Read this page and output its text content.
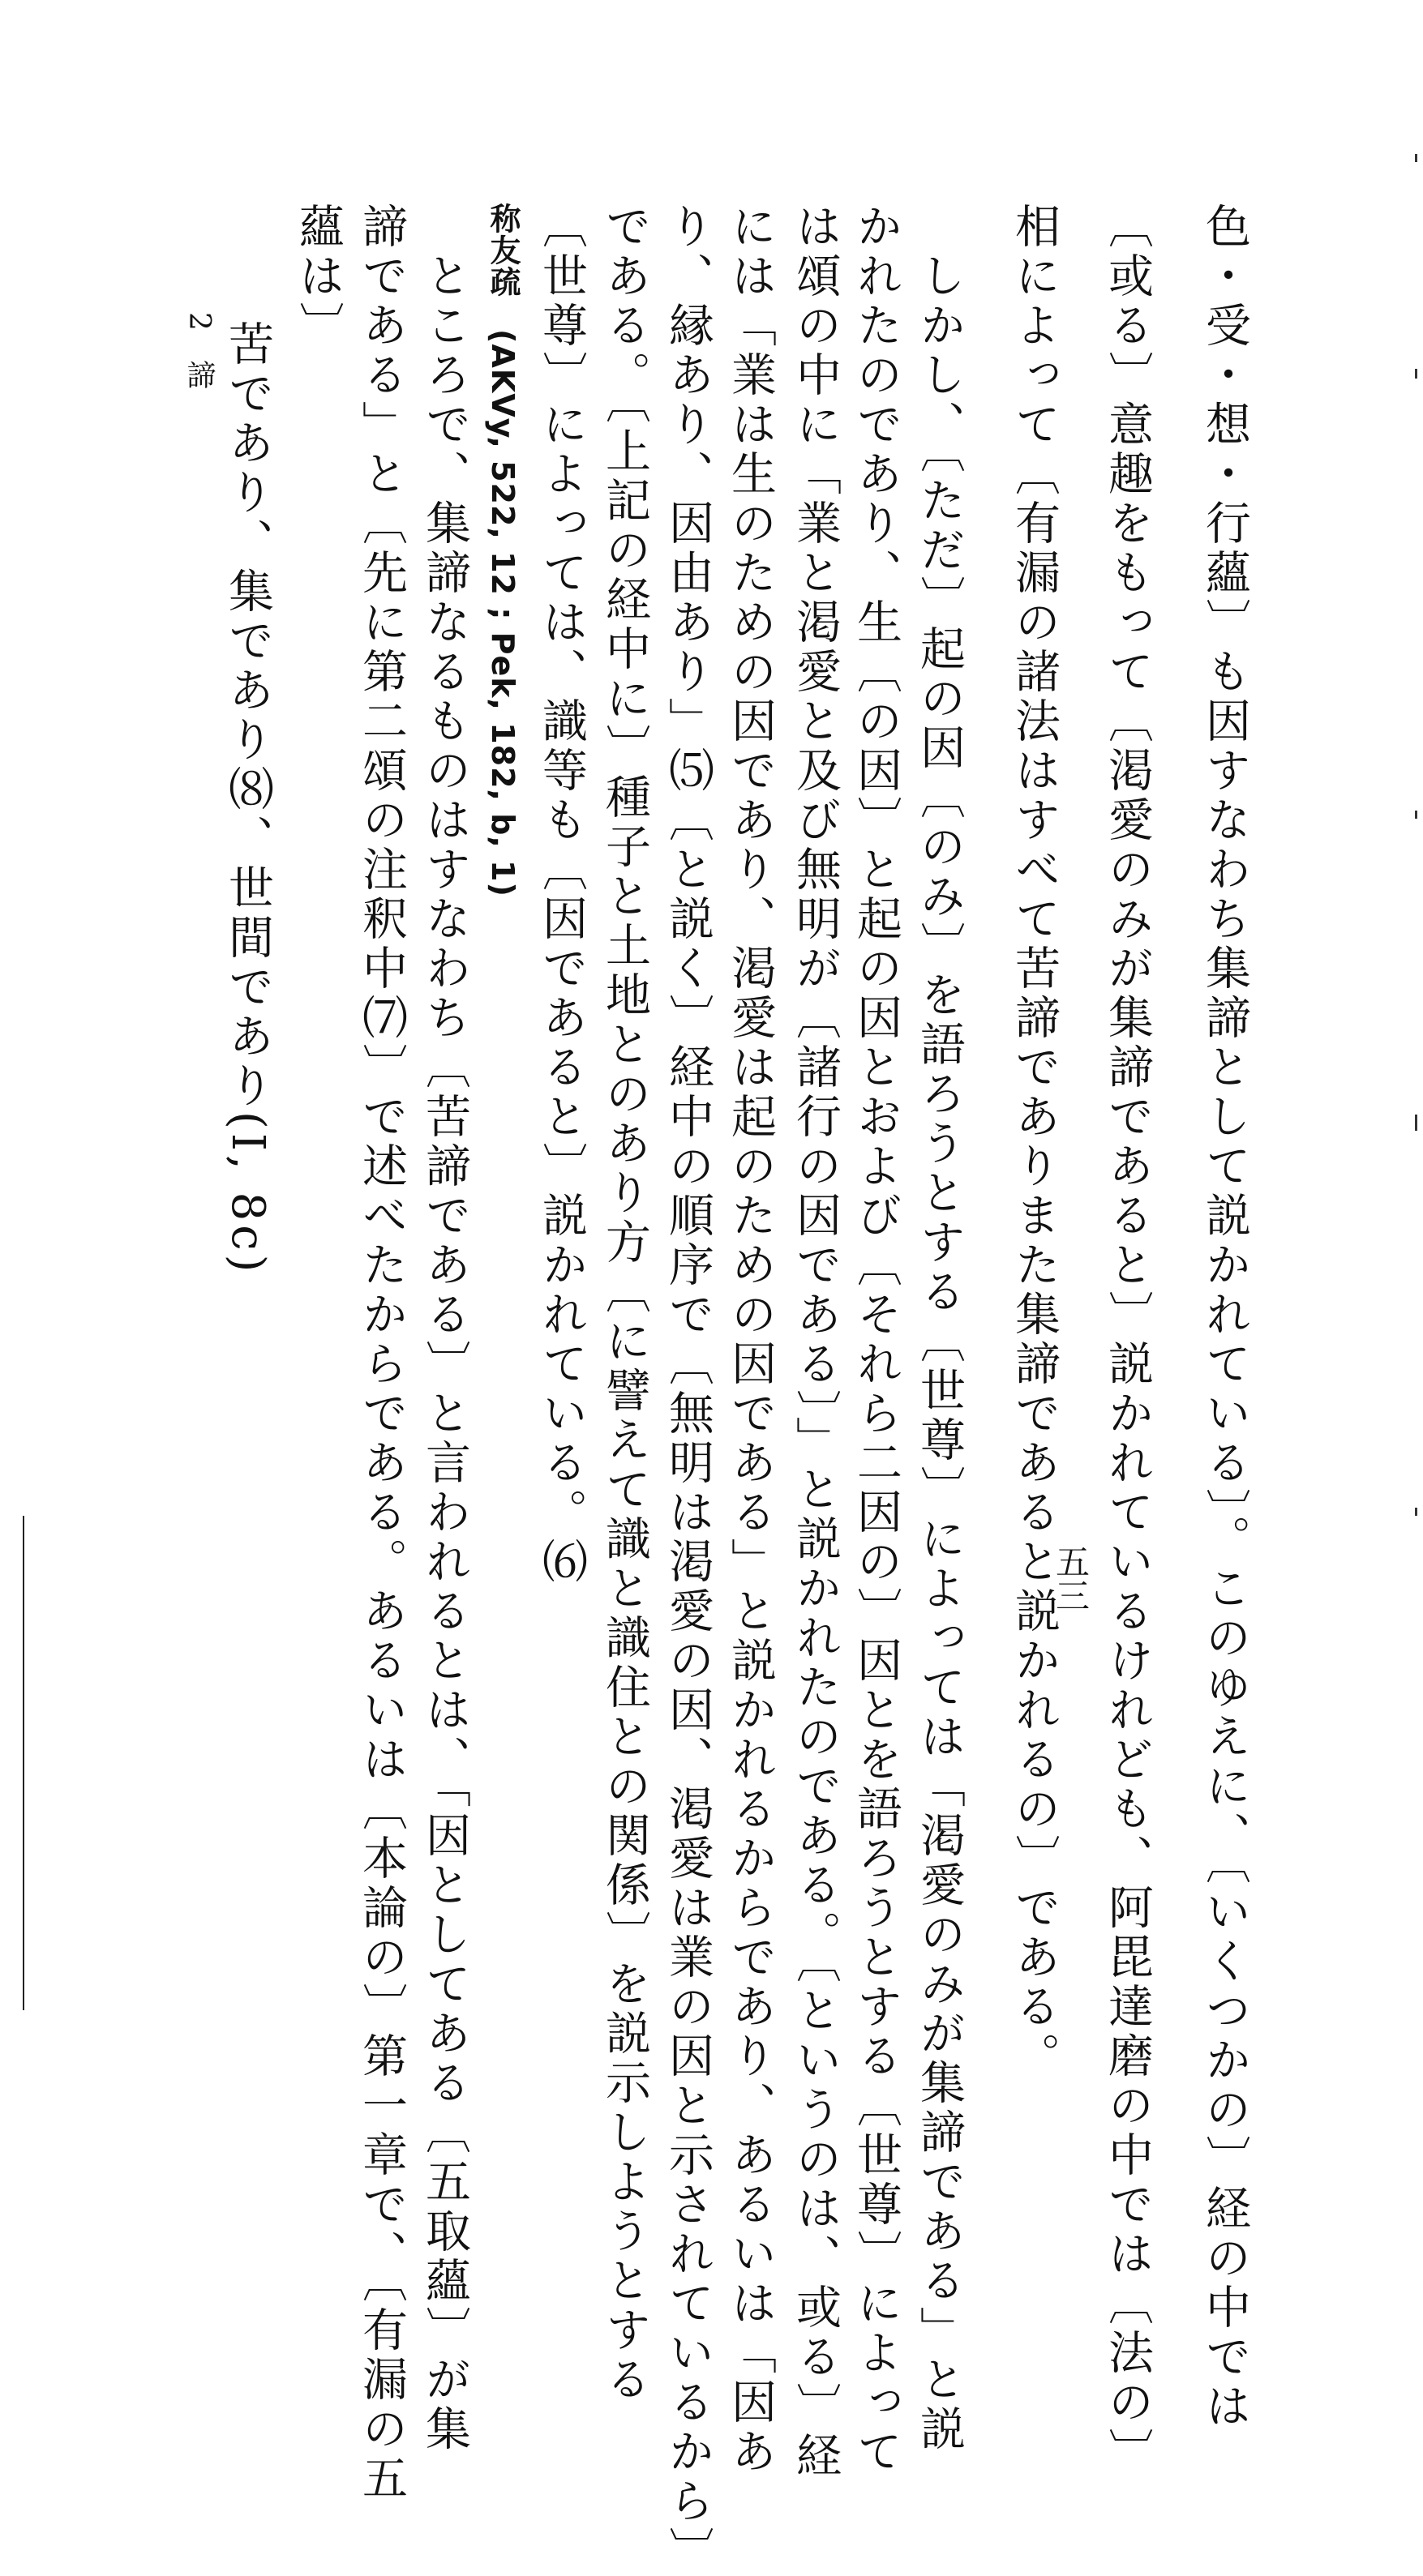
色・受・想・行蘊〕も因すなわち集諦として説かれている〕。このゆえに、〔いくつかの〕経の中では
〔或る〕意趣をもって〔渇愛のみが集諦であると〕説かれているけれども、阿毘達磨の中では〔法の〕
相によって〔有漏の諸法はすべて苦諦でありまた集諦であると説かれるの〕である。
　しかし、〔ただ〕起の因〔のみ〕を語ろうとする〔世尊〕によっては「渇愛のみが集諦である」と説
かれたのであり、生〔の因〕と起の因とおよび〔それら二因の〕因とを語ろうとする〔世尊〕によって
は頌の中に「業と渇愛と及び無明が〔諸行の因である〕」と説かれたのである。〔というのは、或る〕経
には「業は生のための因であり、渇愛は起のための因である」と説かれるからであり、あるいは「因あ
り、縁あり、因由あり」⑸〔と説く〕経中の順序で〔無明は渇愛の因、渇愛は業の因と示されているから〕
である。〔上記の経中に〕種子と土地とのあり方〔に譬えて識と識住との関係〕を説示しようとする
〔世尊〕によっては、識等も〔因であると〕説かれている。⑹
称友疏　(AKVy, 522, 12 ; Pek, 182, b, 1)
　ところで、集諦なるものはすなわち〔苦諦である〕と言われるとは、「因としてある〔五取蘊〕が集
諦である」と〔先に第二頌の注釈中⑺〕で述べたからである。あるいは〔本論の〕第一章で、〔有漏の五
蘊は〕
苦であり、集であり⑻、世間であり(I, 8c)
2　諦
五三
